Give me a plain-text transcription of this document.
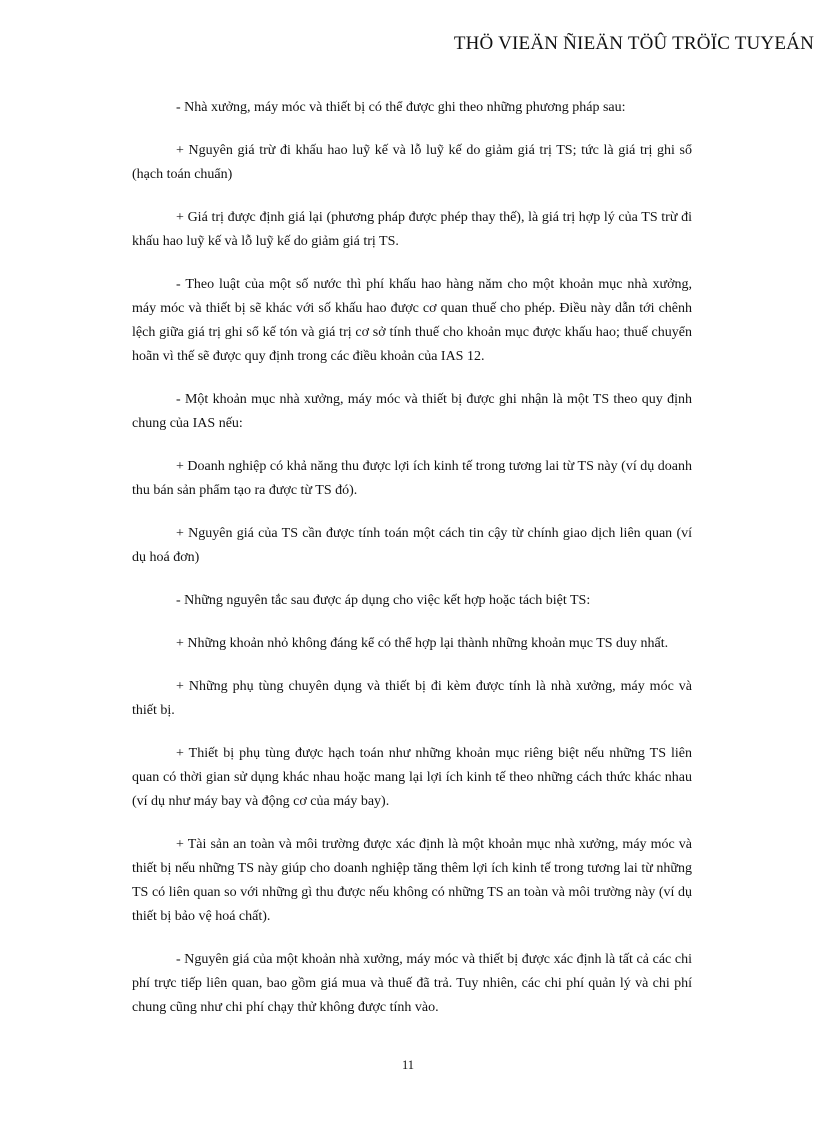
THÖ VIEÄN ÑIEÄN TÖÛ TRÖÏC TUYEÁN

- Nhà xưởng, máy móc và thiết bị có thể được ghi theo những phương pháp sau:

+ Nguyên giá trừ đi khấu hao luỹ kế và lỗ luỹ kế do giảm giá trị TS; tức là giá trị ghi sổ (hạch toán chuẩn)

+ Giá trị được định giá lại (phương pháp được phép thay thế), là giá trị hợp lý của TS trừ đi khấu hao luỹ kế và lỗ luỹ kế do giảm giá trị TS.

- Theo luật của một số nước thì phí khấu hao hàng năm cho một khoản mục nhà xưởng, máy móc và thiết bị sẽ khác với số khấu hao được cơ quan thuế cho phép. Điều này dẫn tới chênh lệch giữa giá trị ghi sổ kế tón và giá trị cơ sở tính thuế cho khoản mục được khấu hao; thuế chuyển hoãn vì thế sẽ được quy định trong các điều khoản của IAS 12.

- Một khoản mục nhà xưởng, máy móc và thiết bị được ghi nhận là một TS theo quy định chung của IAS nếu:

+ Doanh nghiệp có khả năng thu được lợi ích kinh tế trong tương lai từ TS này (ví dụ doanh thu bán sản phẩm tạo ra được từ TS đó).

+ Nguyên giá của TS cần được tính toán một cách tin cậy từ chính giao dịch liên quan (ví dụ hoá đơn)

- Những nguyên tắc sau được áp dụng cho việc kết hợp hoặc tách biệt TS:

+ Những khoản nhỏ không đáng kể có thể hợp lại thành những khoản mục TS duy nhất.

+ Những phụ tùng chuyên dụng và thiết bị đi kèm được tính là nhà xưởng, máy móc và thiết bị.

+ Thiết bị phụ tùng được hạch toán như những khoản mục riêng biệt nếu những TS liên quan có thời gian sử dụng khác nhau hoặc mang lại lợi ích kinh tế theo những cách thức khác nhau (ví dụ như máy bay và động cơ của máy bay).

+ Tài sản an toàn và môi trường được xác định là một khoản mục nhà xưởng, máy móc và thiết bị nếu những TS này giúp cho doanh nghiệp tăng thêm lợi ích kinh tế trong tương lai từ những TS có liên quan so với những gì thu được nếu không có những TS an toàn và môi trường này (ví dụ thiết bị bảo vệ hoá chất).

- Nguyên giá của một khoản nhà xưởng, máy móc và thiết bị được xác định là tất cả các chi phí trực tiếp liên quan, bao gồm giá mua và thuế đã trả. Tuy nhiên, các chi phí quản lý và chi phí chung cũng như chi phí chạy thử không được tính vào.

11
